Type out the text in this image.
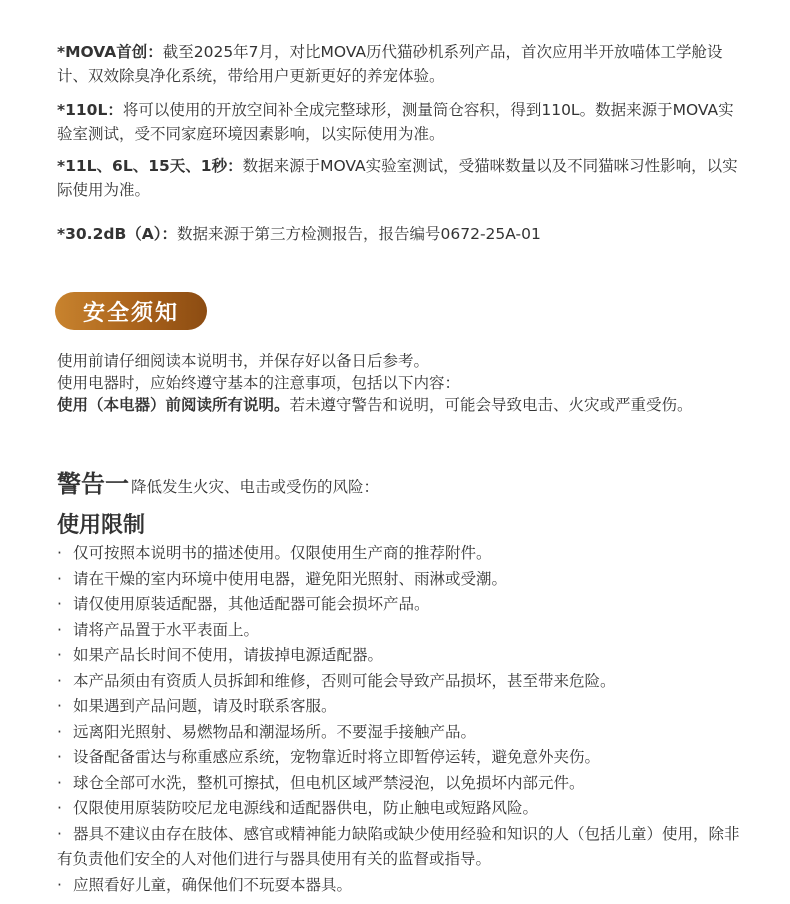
*MOVA首创：截至2025年7月，对比MOVA历代猫砂机系列产品，首次应用半开放喵体工学舱设计、双效除臭净化系统，带给用户更新更好的养宠体验。

*110L：将可以使用的开放空间补全成完整球形，测量筒仓容积，得到110L。数据来源于MOVA实验室测试，受不同家庭环境因素影响，以实际使用为准。

*11L、6L、15天、1秒：数据来源于MOVA实验室测试，受猫咪数量以及不同猫咪习性影响，以实际使用为准。

*30.2dB（A）：数据来源于第三方检测报告，报告编号0672-25A-01

安全须知

使用前请仔细阅读本说明书，并保存好以备日后参考。

使用电器时，应始终遵守基本的注意事项，包括以下内容：

使用（本电器）前阅读所有说明。若未遵守警告和说明，可能会导致电击、火灾或严重受伤。

警告一 降低发生火灾、电击或受伤的风险：
使用限制
· 仅可按照本说明书的描述使用。仅限使用生产商的推荐附件。
· 请在干燥的室内环境中使用电器，避免阳光照射、雨淋或受潮。
· 请仅使用原装适配器，其他适配器可能会损坏产品。
· 请将产品置于水平表面上。
· 如果产品长时间不使用，请拔掉电源适配器。
· 本产品须由有资质人员拆卸和维修，否则可能会导致产品损坏，甚至带来危险。
· 如果遇到产品问题，请及时联系客服。
· 远离阳光照射、易燃物品和潮湿场所。不要湿手接触产品。
· 设备配备雷达与称重感应系统，宠物靠近时将立即暂停运转，避免意外夹伤。
· 球仓全部可水洗，整机可擦拭，但电机区域严禁浸泡，以免损坏内部元件。
· 仅限使用原装防咬尼龙电源线和适配器供电，防止触电或短路风险。
· 器具不建议由存在肢体、感官或精神能力缺陷或缺少使用经验和知识的人（包括儿童）使用，除非有负责他们安全的人对他们进行与器具使用有关的监督或指导。
· 应照看好儿童，确保他们不玩耍本器具。
